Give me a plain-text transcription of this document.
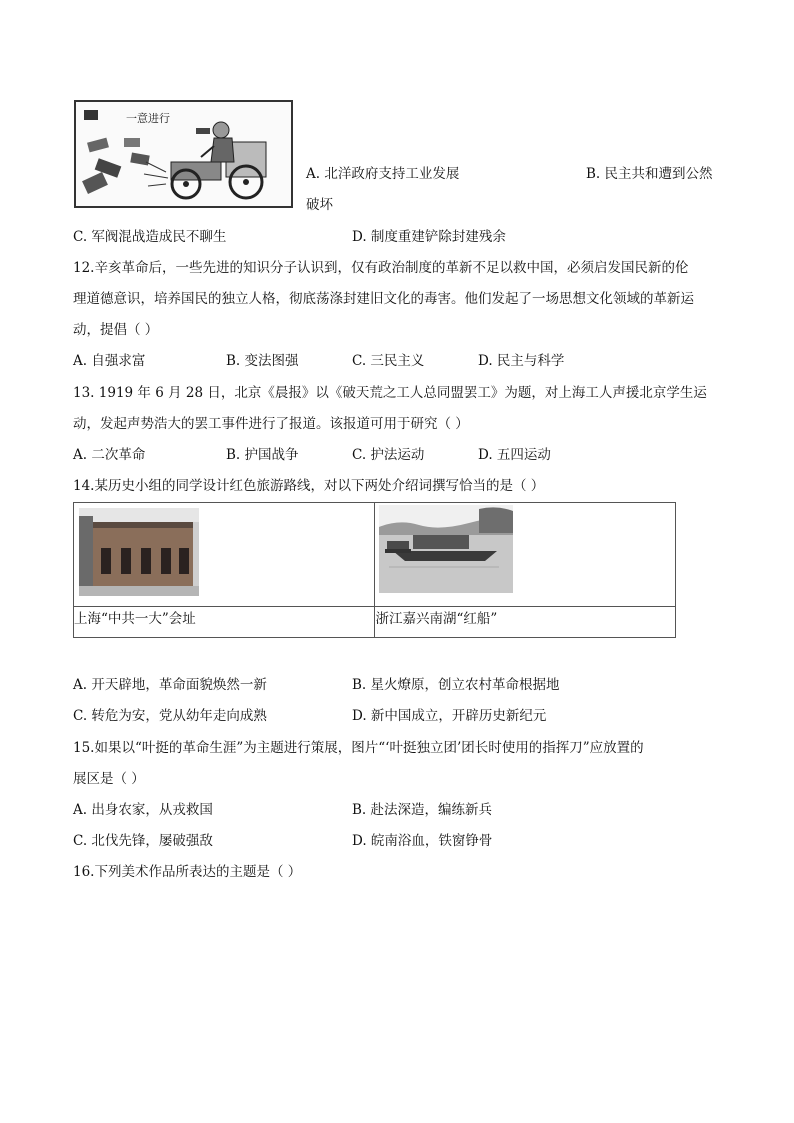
一意进行
A. 北洋政府支持工业发展	B. 民主共和遭到公然
破坏
C. 军阀混战造成民不聊生	D. 制度重建铲除封建残余
12.辛亥革命后，一些先进的知识分子认识到，仅有政治制度的革新不足以救中国，必须启发国民新的伦
理道德意识，培养国民的独立人格，彻底荡涤封建旧文化的毒害。他们发起了一场思想文化领域的革新运
动，提倡（ ）
A. 自强求富	B. 变法图强	C. 三民主义	D. 民主与科学
13. 1919 年 6 月 28 日，北京《晨报》以《破天荒之工人总同盟罢工》为题，对上海工人声援北京学生运
动，发起声势浩大的罢工事件进行了报道。该报道可用于研究（ ）
A. 二次革命	B. 护国战争	C. 护法运动	D. 五四运动
14.某历史小组的同学设计红色旅游路线，对以下两处介绍词撰写恰当的是（ ）

上海“中共一大”会址	浙江嘉兴南湖“红船”
A. 开天辟地，革命面貌焕然一新	B. 星火燎原，创立农村革命根据地
C. 转危为安，党从幼年走向成熟	D. 新中国成立，开辟历史新纪元
15.如果以“叶挺的革命生涯”为主题进行策展，图片“‘叶挺独立团’团长时使用的指挥刀”应放置的
展区是（ ）
A. 出身农家，从戎救国	B. 赴法深造，编练新兵
C. 北伐先锋，屡破强敌	D. 皖南浴血，铁窗铮骨
16.下列美术作品所表达的主题是（ ）
